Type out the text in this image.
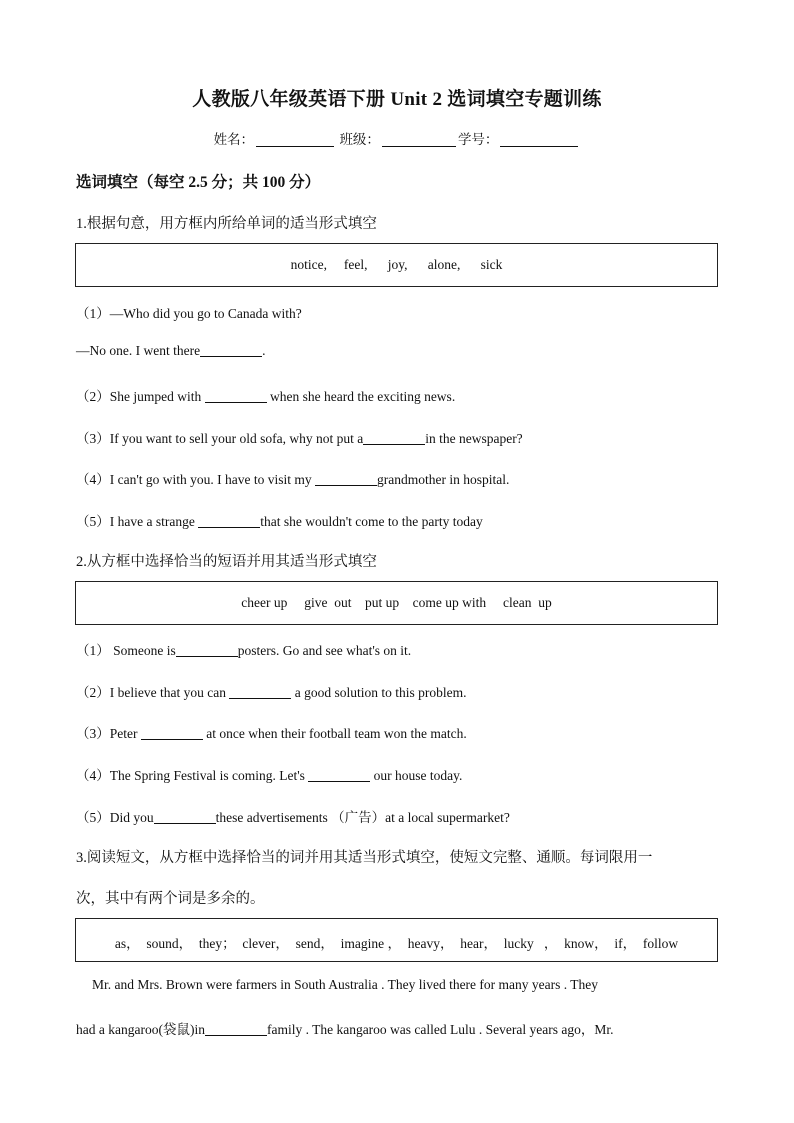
人教版八年级英语下册 Unit 2 选词填空专题训练
姓名：	班级：	学号：
选词填空（每空 2.5 分；共 100 分）
1.根据句意，用方框内所给单词的适当形式填空
notice,     feel,      joy,      alone,      sick
（1）—Who did you go to Canada with?
—No one. I went there	.
（2）She jumped with	when she heard the exciting news.
（3）If you want to sell your old sofa, why not put a	in the newspaper?
（4）I can't go with you. I have to visit my	grandmother in hospital.
（5）I have a strange	that she wouldn't come to the party today
2.从方框中选择恰当的短语并用其适当形式填空
cheer up     give  out    put up    come up with     clean  up
（1） Someone is	posters. Go and see what's on it.
（2）I believe that you can	a good solution to this problem.
（3）Peter	at once when their football team won the match.
（4）The Spring Festival is coming. Let's	our house today.
（5）Did you	these advertisements （广告）at a local supermarket?
3.阅读短文，从方框中选择恰当的词并用其适当形式填空，使短文完整、通顺。每词限用一
次，其中有两个词是多余的。
as，  sound，  they；  clever，  send，  imagine ，  heavy，  hear，  lucky   ，  know，  if，  follow
Mr. and Mrs. Brown were farmers in South Australia . They lived there for many years . They
had a kangaroo(袋鼠)in	family . The kangaroo was called Lulu . Several years ago，Mr.
